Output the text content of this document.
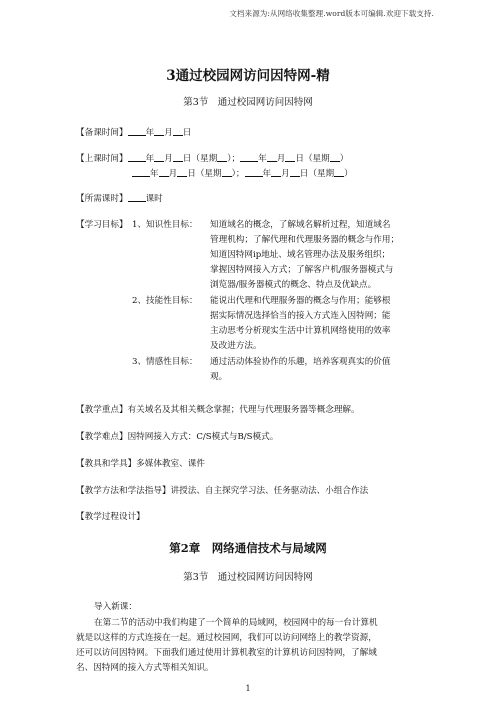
文档来源为:从网络收集整理.word版本可编辑.欢迎下载支持.
3通过校园网访问因特网-精
第3节　通过校园网访问因特网
【备课时间】 年 月 日
【上课时间】 年 月 日（星期 ）； 年 月 日（星期 ）
年 月 日（星期 ）； 年 月 日（星期 ）
【所需课时】 课时
【学习目标】 1、知识性目标： 知道域名的概念，了解域名解析过程，知道域名
管理机构；了解代理和代理服务器的概念与作用；
知道因特网ip地址、域名管理办法及服务组织；
掌握因特网接入方式；了解客户机/服务器模式与
浏览器/服务器模式的概念、特点及优缺点。
2、技能性目标： 能说出代理和代理服务器的概念与作用；能够根
据实际情况选择恰当的接入方式连入因特网；能
主动思考分析现实生活中计算机网络使用的效率
及改进方法。
3、情感性目标： 通过活动体验协作的乐趣，培养客观真实的价值
观。
【教学重点】有关域名及其相关概念掌握；代理与代理服务器等概念理解。
【教学难点】因特网接入方式：C/S模式与B/S模式。
【教具和学具】多媒体教室、课件
【教学方法和学法指导】讲授法、自主探究学习法、任务驱动法、小组合作法
【教学过程设计】
第2章　网络通信技术与局域网
第3节　通过校园网访问因特网
导入新课：
在第二节的活动中我们构建了一个简单的局域网，校园网中的每一台计算机
就是以这样的方式连接在一起。通过校园网，我们可以访问网络上的教学资源，
还可以访问因特网。下面我们通过使用计算机教室的计算机访问因特网，了解域
名、因特网的接入方式等相关知识。
1
